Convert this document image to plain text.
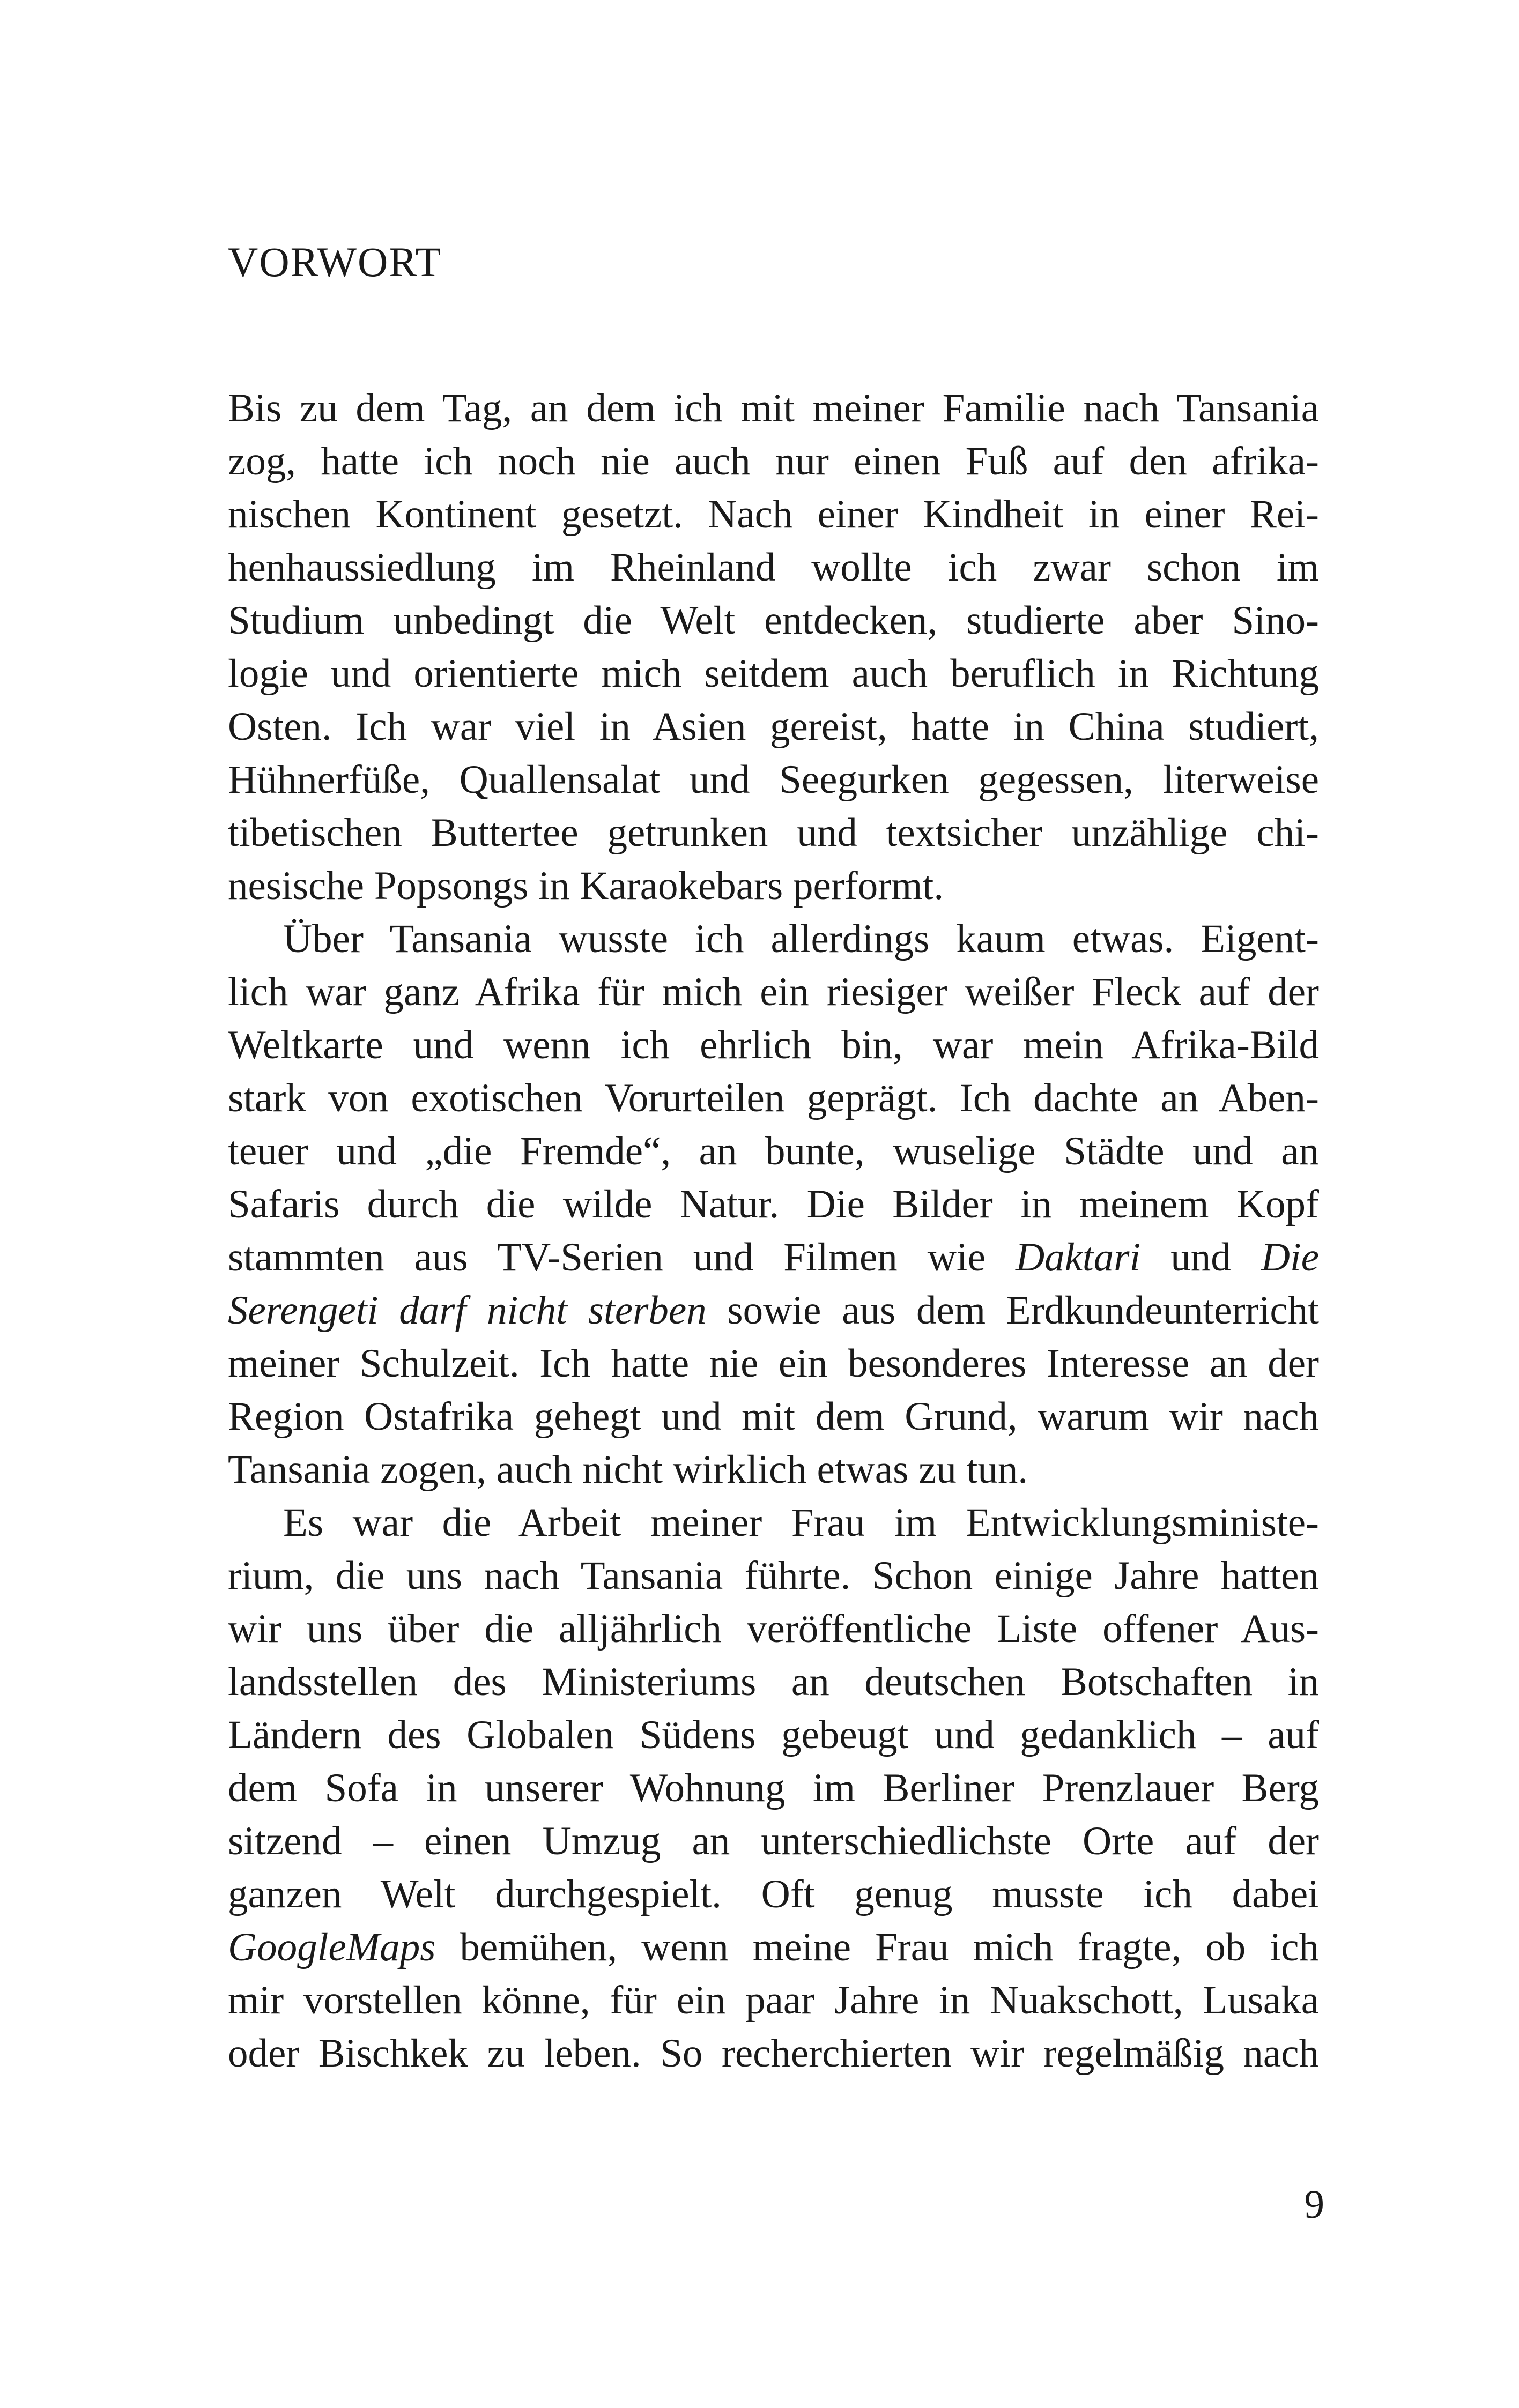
VORWORT
Bis zu dem Tag, an dem ich mit meiner Familie nach Tansania
zog, hatte ich noch nie auch nur einen Fuß auf den afrika-
nischen Kontinent gesetzt. Nach einer Kindheit in einer Rei-
henhaussiedlung im Rheinland wollte ich zwar schon im
Studium unbedingt die Welt entdecken, studierte aber Sino-
logie und orientierte mich seitdem auch beruflich in Richtung
Osten. Ich war viel in Asien gereist, hatte in China studiert,
Hühnerfüße, Quallensalat und Seegurken gegessen, literweise
tibetischen Buttertee getrunken und textsicher unzählige chi-
nesische Popsongs in Karaokebars performt.
Über Tansania wusste ich allerdings kaum etwas. Eigent-
lich war ganz Afrika für mich ein riesiger weißer Fleck auf der
Weltkarte und wenn ich ehrlich bin, war mein Afrika-Bild
stark von exotischen Vorurteilen geprägt. Ich dachte an Aben-
teuer und „die Fremde“, an bunte, wuselige Städte und an
Safaris durch die wilde Natur. Die Bilder in meinem Kopf
stammten aus TV-Serien und Filmen wie Daktari und Die
Serengeti darf nicht sterben sowie aus dem Erdkundeunterricht
meiner Schulzeit. Ich hatte nie ein besonderes Interesse an der
Region Ostafrika gehegt und mit dem Grund, warum wir nach
Tansania zogen, auch nicht wirklich etwas zu tun.
Es war die Arbeit meiner Frau im Entwicklungsministe-
rium, die uns nach Tansania führte. Schon einige Jahre hatten
wir uns über die alljährlich veröffentliche Liste offener Aus-
landsstellen des Ministeriums an deutschen Botschaften in
Ländern des Globalen Südens gebeugt und gedanklich – auf
dem Sofa in unserer Wohnung im Berliner Prenzlauer Berg
sitzend – einen Umzug an unterschiedlichste Orte auf der
ganzen Welt durchgespielt. Oft genug musste ich dabei
GoogleMaps bemühen, wenn meine Frau mich fragte, ob ich
mir vorstellen könne, für ein paar Jahre in Nuakschott, Lusaka
oder Bischkek zu leben. So recherchierten wir regelmäßig nach
9
